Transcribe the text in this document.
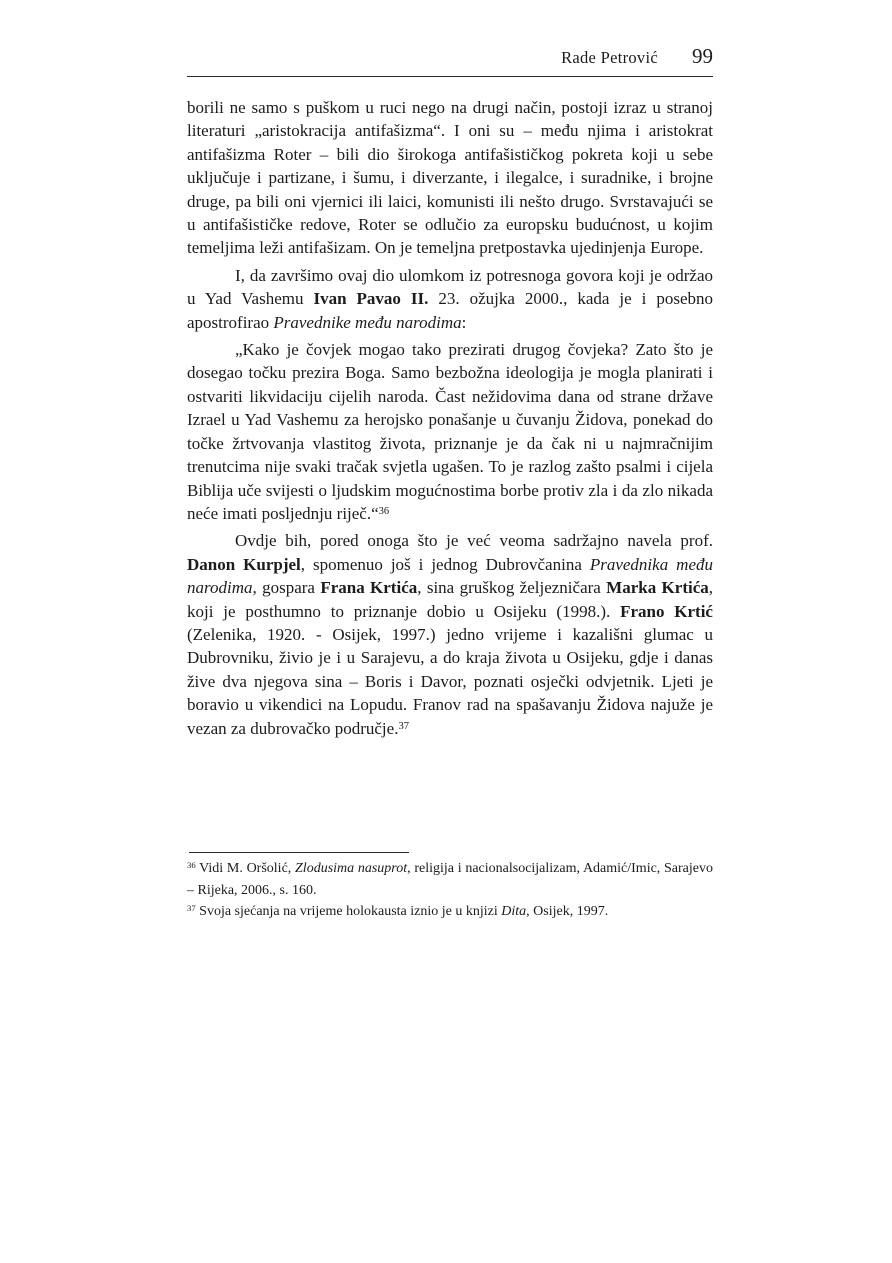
Rade Petrović 99

borili ne samo s puškom u ruci nego na drugi način, postoji izraz u stranoj literaturi „aristokracija antifašizma“. I oni su – među njima i aristokrat antifašizma Roter – bili dio širokoga antifašističkog pokreta koji u sebe uključuje i partizane, i šumu, i diverzante, i ilegalce, i suradnike, i brojne druge, pa bili oni vjernici ili laici, komunisti ili nešto drugo. Svrstavajući se u antifašističke redove, Roter se odlučio za europsku budućnost, u kojim temeljima leži antifašizam. On je temeljna pretpostavka ujedinjenja Europe.

I, da završimo ovaj dio ulomkom iz potresnoga govora koji je održao u Yad Vashemu Ivan Pavao II. 23. ožujka 2000., kada je i posebno apostrofirao Pravednike među narodima:

„Kako je čovjek mogao tako prezirati drugog čovjeka? Zato što je dosegao točku prezira Boga. Samo bezbožna ideologija je mogla planirati i ostvariti likvidaciju cijelih naroda. Čast nežidovima dana od strane države Izrael u Yad Vashemu za herojsko ponašanje u čuvanju Židova, ponekad do točke žrtvovanja vlastitog života, priznanje je da čak ni u najmračnijim trenutcima nije svaki tračak svjetla ugašen. To je razlog zašto psalmi i cijela Biblija uče svijesti o ljudskim mogućnostima borbe protiv zla i da zlo nikada neće imati posljednju riječ.“$^{36}$

Ovdje bih, pored onoga što je već veoma sadržajno navela prof. Danon Kurpjel, spomenuo još i jednog Dubrovčanina Pravednika među narodima, gospara Frana Krtića, sina gruškog željezničara Marka Krtića, koji je posthumno to priznanje dobio u Osijeku (1998.). Frano Krtić (Zelenika, 1920. - Osijek, 1997.) jedno vrijeme i kazališni glumac u Dubrovniku, živio je i u Sarajevu, a do kraja života u Osijeku, gdje i danas žive dva njegova sina – Boris i Davor, poznati osječki odvjetnik. Ljeti je boravio u vikendici na Lopudu. Franov rad na spašavanju Židova najuže je vezan za dubrovačko područje.$^{37}$

$^{36}$ Vidi M. Oršolić, Zlodusima nasuprot, religija i nacionalsocijalizam, Adamić/Imic, Sarajevo – Rijeka, 2006., s. 160.

$^{37}$ Svoja sjećanja na vrijeme holokausta iznio je u knjizi Dita, Osijek, 1997.
